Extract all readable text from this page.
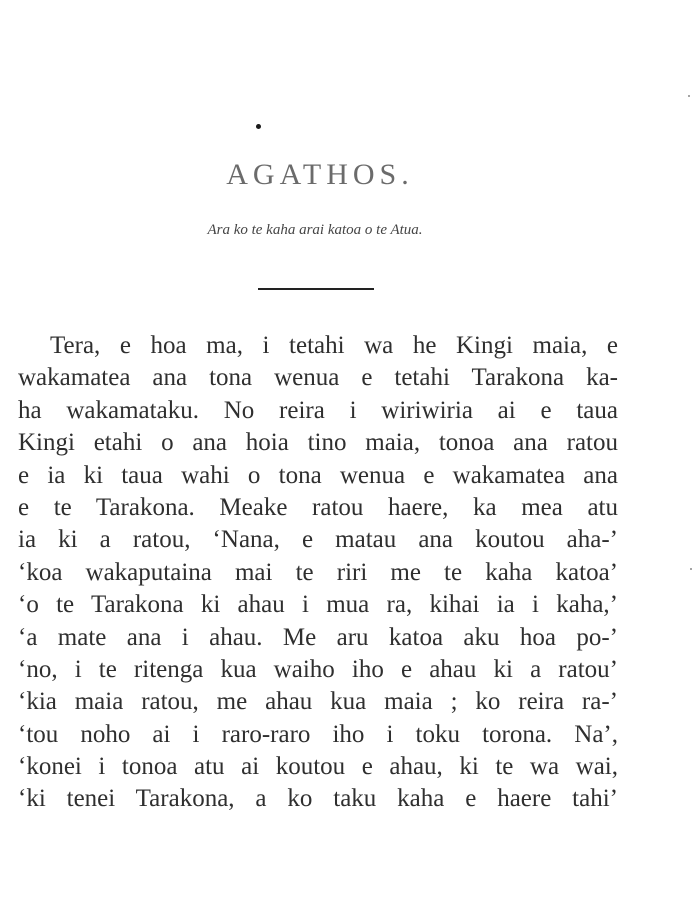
AGATHOS.

Ara ko te kaha arai katoa o te Atua.

Tera, e hoa ma, i tetahi wa he Kingi maia, e
wakamatea ana tona wenua e tetahi Tarakona ka-
ha wakamataku. No reira i wiriwiria ai e taua
Kingi etahi o ana hoia tino maia, tonoa ana ratou
e ia ki taua wahi o tona wenua e wakamatea ana
e te Tarakona. Meake ratou haere, ka mea atu
ia ki a ratou, ‘Nana, e matau ana koutou aha-’
‘koa wakaputaina mai te riri me te kaha katoa’
‘o te Tarakona ki ahau i mua ra, kihai ia i kaha,’
‘a mate ana i ahau. Me aru katoa aku hoa po-’
‘no, i te ritenga kua waiho iho e ahau ki a ratou’
‘kia maia ratou, me ahau kua maia ; ko reira ra-’
‘tou noho ai i raro-raro iho i toku torona. Na’,
‘konei i tonoa atu ai koutou e ahau, ki te wa wai,
‘ki tenei Tarakona, a ko taku kaha e haere tahi’
